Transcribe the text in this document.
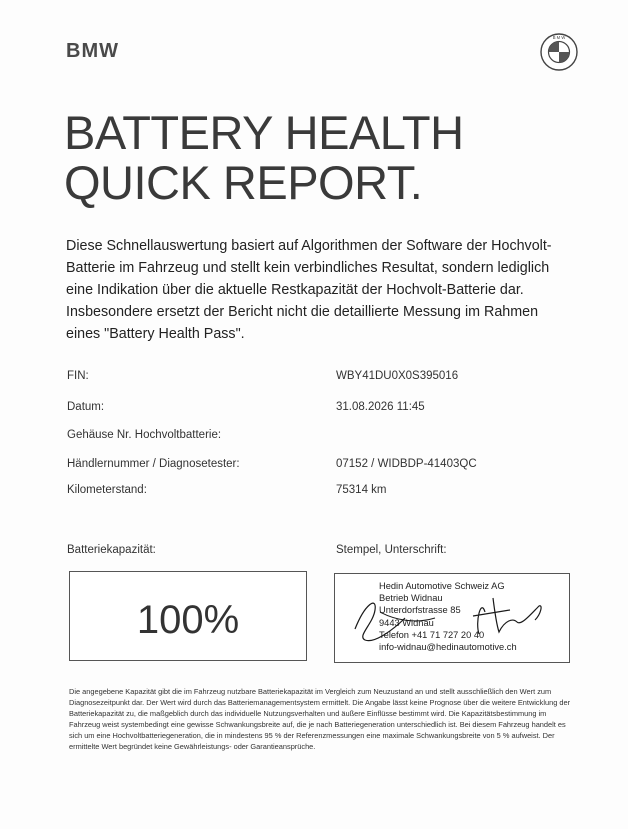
BMW
B M W
BATTERY HEALTH
QUICK REPORT.
Diese Schnellauswertung basiert auf Algorithmen der Software der Hochvolt-Batterie im Fahrzeug und stellt kein verbindliches Resultat, sondern lediglich eine Indikation über die aktuelle Restkapazität der Hochvolt-Batterie dar. Insbesondere ersetzt der Bericht nicht die detaillierte Messung im Rahmen eines "Battery Health Pass".
FIN:	WBY41DU0X0S395016
Datum:	31.08.2026 11:45
Gehäuse Nr. Hochvoltbatterie:
Händlernummer / Diagnosetester:	07152 / WIDBDP-41403QC
Kilometerstand:	75314 km
Batteriekapazität:	Stempel, Unterschrift:
100%
Hedin Automotive Schweiz AG
Betrieb Widnau
Unterdorfstrasse 85
9443 Widnau
Telefon +41 71 727 20 40
info-widnau@hedinautomotive.ch
Die angegebene Kapazität gibt die im Fahrzeug nutzbare Batteriekapazität im Vergleich zum Neuzustand an und stellt ausschließlich den Wert zum Diagnosezeitpunkt dar. Der Wert wird durch das Batteriemanagementsystem ermittelt. Die Angabe lässt keine Prognose über die weitere Entwicklung der Batteriekapazität zu, die maßgeblich durch das individuelle Nutzungsverhalten und äußere Einflüsse bestimmt wird. Die Kapazitätsbestimmung im Fahrzeug weist systembedingt eine gewisse Schwankungsbreite auf, die je nach Batteriegeneration unterschiedlich ist. Bei diesem Fahrzeug handelt es sich um eine Hochvoltbatteriegeneration, die in mindestens 95 % der Referenzmessungen eine maximale Schwankungsbreite von 5 % aufweist. Der ermittelte Wert begründet keine Gewährleistungs- oder Garantieansprüche.
